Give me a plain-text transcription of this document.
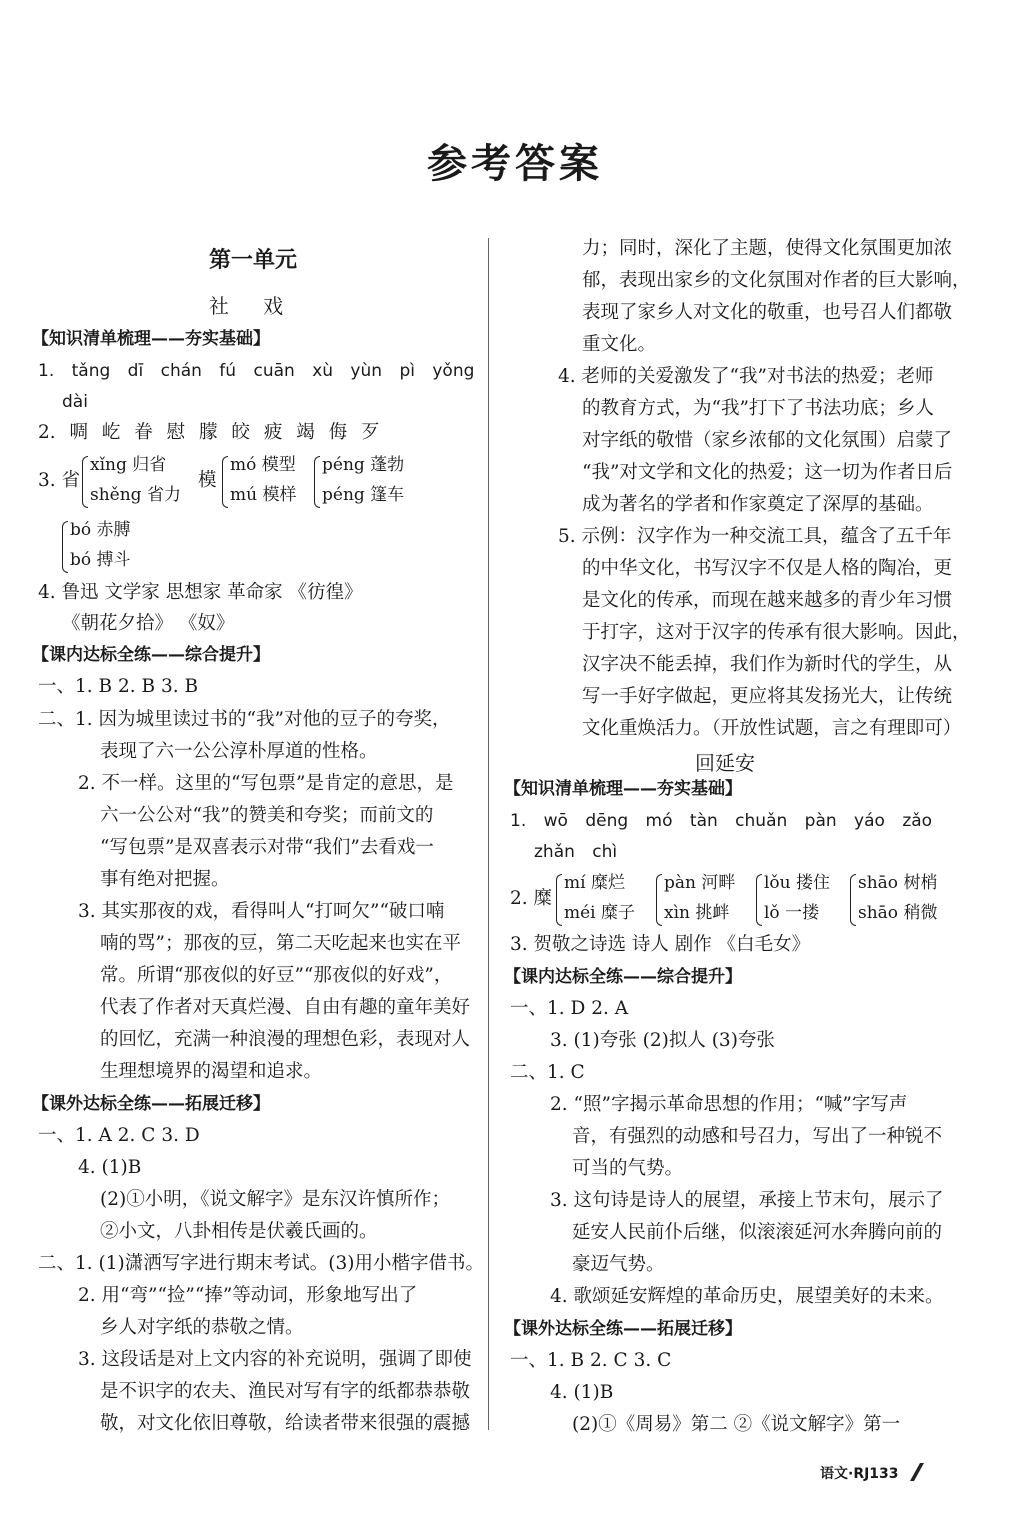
参考答案
第一单元
社 戏
【知识清单梳理——夯实基础】
1. tǎng dī chán fú cuān xù yùn pì yǒng
dài
2. 啁 屹 眷 慰 朦 皎 疲 竭 侮 歹
3. 省
xǐng 归省
shěng 省力
模
mó 模型
mú 模样
péng 蓬勃
péng 篷车
bó 赤膊
bó 搏斗
4. 鲁迅 文学家 思想家 革命家 《彷徨》
《朝花夕拾》 《奴》
【课内达标全练——综合提升】
一、1. B 2. B 3. B
二、1. 因为城里读过书的“我”对他的豆子的夸奖，
表现了六一公公淳朴厚道的性格。
2. 不一样。这里的“写包票”是肯定的意思，是
六一公公对“我”的赞美和夸奖；而前文的
“写包票”是双喜表示对带“我们”去看戏一
事有绝对把握。
3. 其实那夜的戏，看得叫人“打呵欠”“破口喃
喃的骂”；那夜的豆，第二天吃起来也实在平
常。所谓“那夜似的好豆”“那夜似的好戏”，
代表了作者对天真烂漫、自由有趣的童年美好
的回忆，充满一种浪漫的理想色彩，表现对人
生理想境界的渴望和追求。
【课外达标全练——拓展迁移】
一、1. A 2. C 3. D
4. (1)B
(2)①小明，《说文解字》是东汉许慎所作；
②小文，八卦相传是伏羲氏画的。
二、1. (1)潇洒写字进行期末考试。(3)用小楷字借书。
2. 用“弯”“捡”“捧”等动词，形象地写出了
乡人对字纸的恭敬之情。
3. 这段话是对上文内容的补充说明，强调了即使
是不识字的农夫、渔民对写有字的纸都恭恭敬
敬，对文化依旧尊敬，给读者带来很强的震撼
力；同时，深化了主题，使得文化氛围更加浓
郁，表现出家乡的文化氛围对作者的巨大影响，
表现了家乡人对文化的敬重，也号召人们都敬
重文化。
4. 老师的关爱激发了“我”对书法的热爱；老师
的教育方式，为“我”打下了书法功底；乡人
对字纸的敬惜（家乡浓郁的文化氛围）启蒙了
“我”对文学和文化的热爱；这一切为作者日后
成为著名的学者和作家奠定了深厚的基础。
5. 示例：汉字作为一种交流工具，蕴含了五千年
的中华文化，书写汉字不仅是人格的陶冶，更
是文化的传承，而现在越来越多的青少年习惯
于打字，这对于汉字的传承有很大影响。因此，
汉字决不能丢掉，我们作为新时代的学生，从
写一手好字做起，更应将其发扬光大，让传统
文化重焕活力。（开放性试题，言之有理即可）
回延安
【知识清单梳理——夯实基础】
1. wō dēng mó tàn chuǎn pàn yáo zǎo
zhǎn chì
2. 糜
mí 糜烂
méi 糜子
pàn 河畔
xìn 挑衅
lǒu 搂住
lǒ 一搂
shāo 树梢
shāo 稍微
3. 贺敬之诗选 诗人 剧作 《白毛女》
【课内达标全练——综合提升】
一、1. D 2. A
3. (1)夸张 (2)拟人 (3)夸张
二、1. C
2. “照”字揭示革命思想的作用；“喊”字写声
音，有强烈的动感和号召力，写出了一种锐不
可当的气势。
3. 这句诗是诗人的展望，承接上节末句，展示了
延安人民前仆后继，似滚滚延河水奔腾向前的
豪迈气势。
4. 歌颂延安辉煌的革命历史，展望美好的未来。
【课外达标全练——拓展迁移】
一、1. B 2. C 3. C
4. (1)B
(2)①《周易》第二 ②《说文解字》第一
语文·RJ133
